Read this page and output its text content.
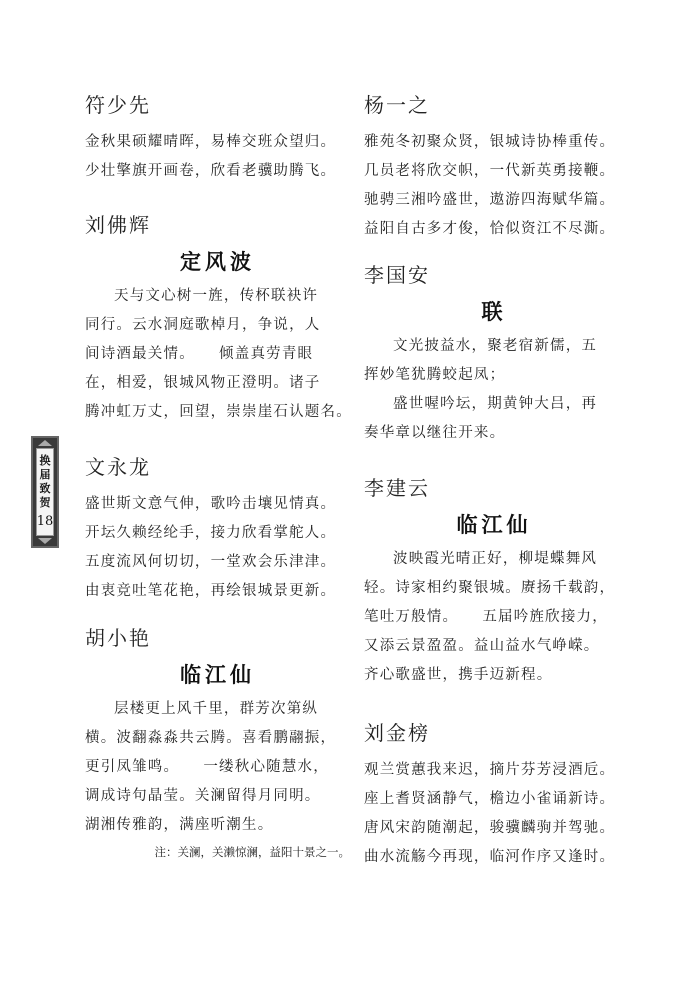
换届致贺
18
符少先
金秋果硕耀晴晖，易棒交班众望归。
少壮擎旗开画卷，欣看老骥助腾飞。
刘佛辉
定风波
天与文心树一旌，传杯联袂许
同行。云水洞庭歌棹月，争说，人
间诗酒最关情。　　倾盖真劳青眼
在，相爱，银城风物正澄明。诸子
腾冲虹万丈，回望，崇崇崖石认题名。
文永龙
盛世斯文意气伸，歌吟击壤见情真。
开坛久赖经纶手，接力欣看掌舵人。
五度流风何切切，一堂欢会乐津津。
由衷竞吐笔花艳，再绘银城景更新。
胡小艳
临江仙
层楼更上风千里，群芳次第纵
横。波翻淼淼共云腾。喜看鹏翮振，
更引凤雏鸣。　　一缕秋心随慧水，
调成诗句晶莹。关澜留得月同明。
湖湘传雅韵，满座听潮生。
注：关澜，关濑惊澜，益阳十景之一。
杨一之
雅苑冬初聚众贤，银城诗协棒重传。
几员老将欣交帜，一代新英勇接鞭。
驰骋三湘吟盛世，遨游四海赋华篇。
益阳自古多才俊，恰似资江不尽澌。
李国安
联
文光披益水，聚老宿新儒，五
挥妙笔犹腾蛟起凤；
盛世喔吟坛，期黄钟大吕，再
奏华章以继往开来。
李建云
临江仙
波映霞光晴正好，柳堤蝶舞风
轻。诗家相约聚银城。赓扬千载韵，
笔吐万般情。　　五届吟旌欣接力，
又添云景盈盈。益山益水气峥嵘。
齐心歌盛世，携手迈新程。
刘金榜
观兰赏蕙我来迟，摘片芬芳浸酒卮。
座上耆贤涵静气，檐边小雀诵新诗。
唐风宋韵随潮起，骏骥麟驹并驾驰。
曲水流觞今再现，临河作序又逢时。
